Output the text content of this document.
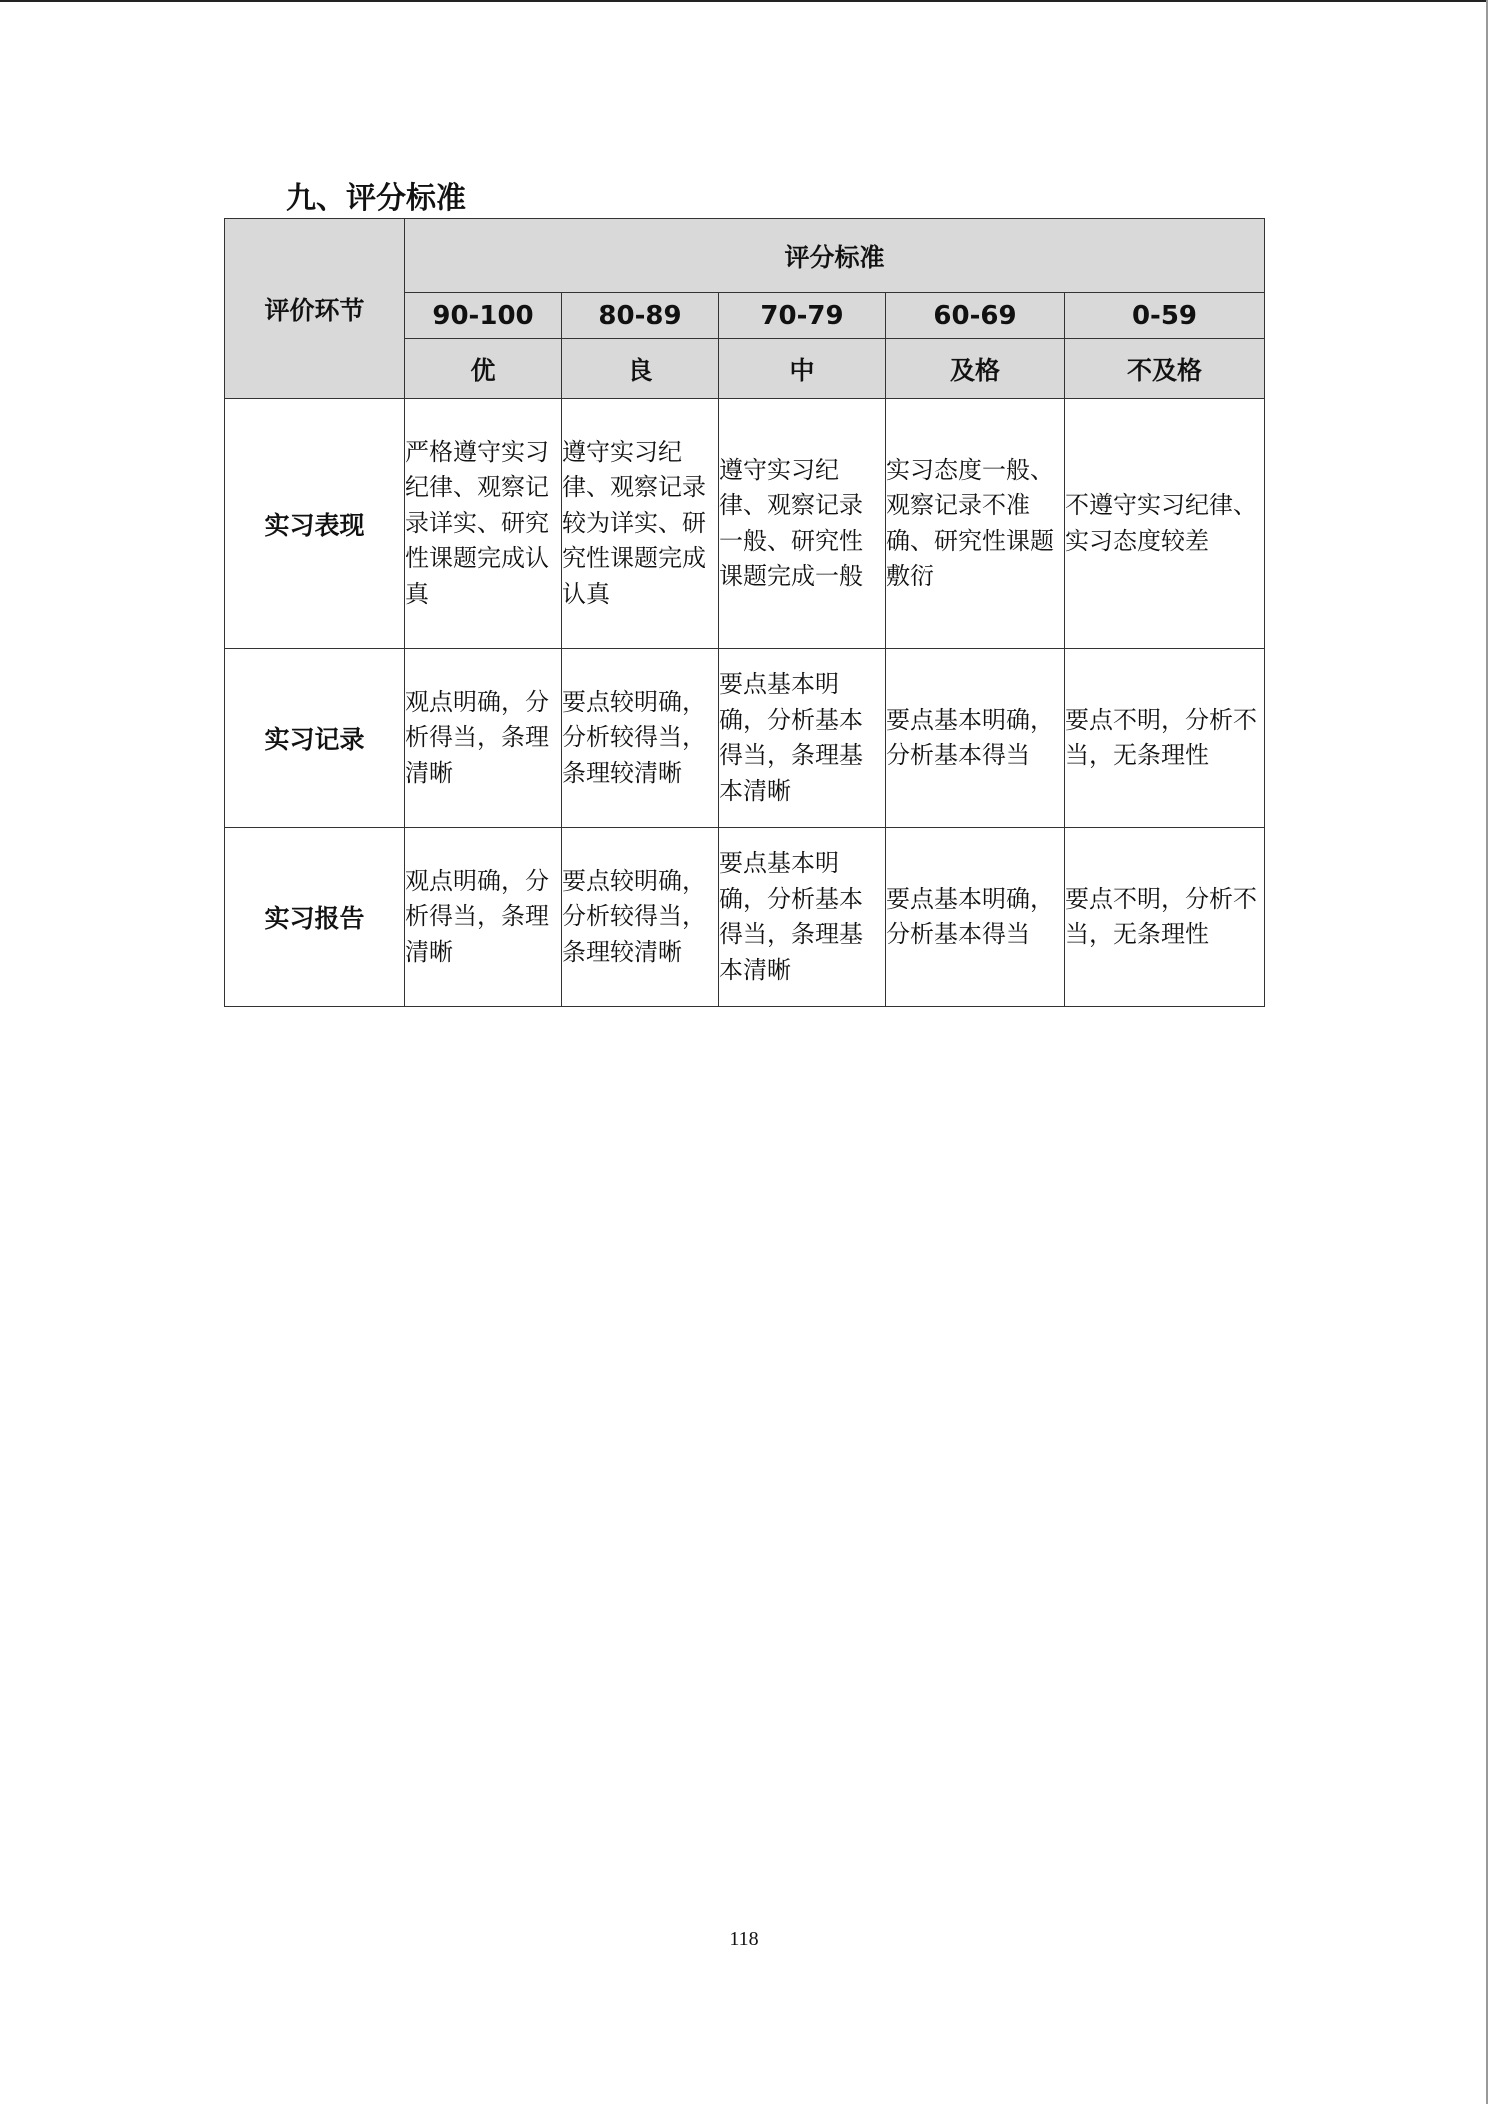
九、评分标准
评价环节	评分标准				
	90-100	80-89	70-79	60-69	0-59
	优	良	中	及格	不及格
实习表现	严格遵守实习纪律、观察记录详实、研究性课题完成认真	遵守实习纪律、观察记录较为详实、研究性课题完成认真	遵守实习纪律、观察记录一般、研究性课题完成一般	实习态度一般、观察记录不准确、研究性课题敷衍	不遵守实习纪律、实习态度较差
实习记录	观点明确，分析得当，条理清晰	要点较明确，分析较得当，条理较清晰	要点基本明确，分析基本得当，条理基本清晰	要点基本明确，分析基本得当	要点不明，分析不当，无条理性
实习报告	观点明确，分析得当，条理清晰	要点较明确，分析较得当，条理较清晰	要点基本明确，分析基本得当，条理基本清晰	要点基本明确，分析基本得当	要点不明，分析不当，无条理性
118
